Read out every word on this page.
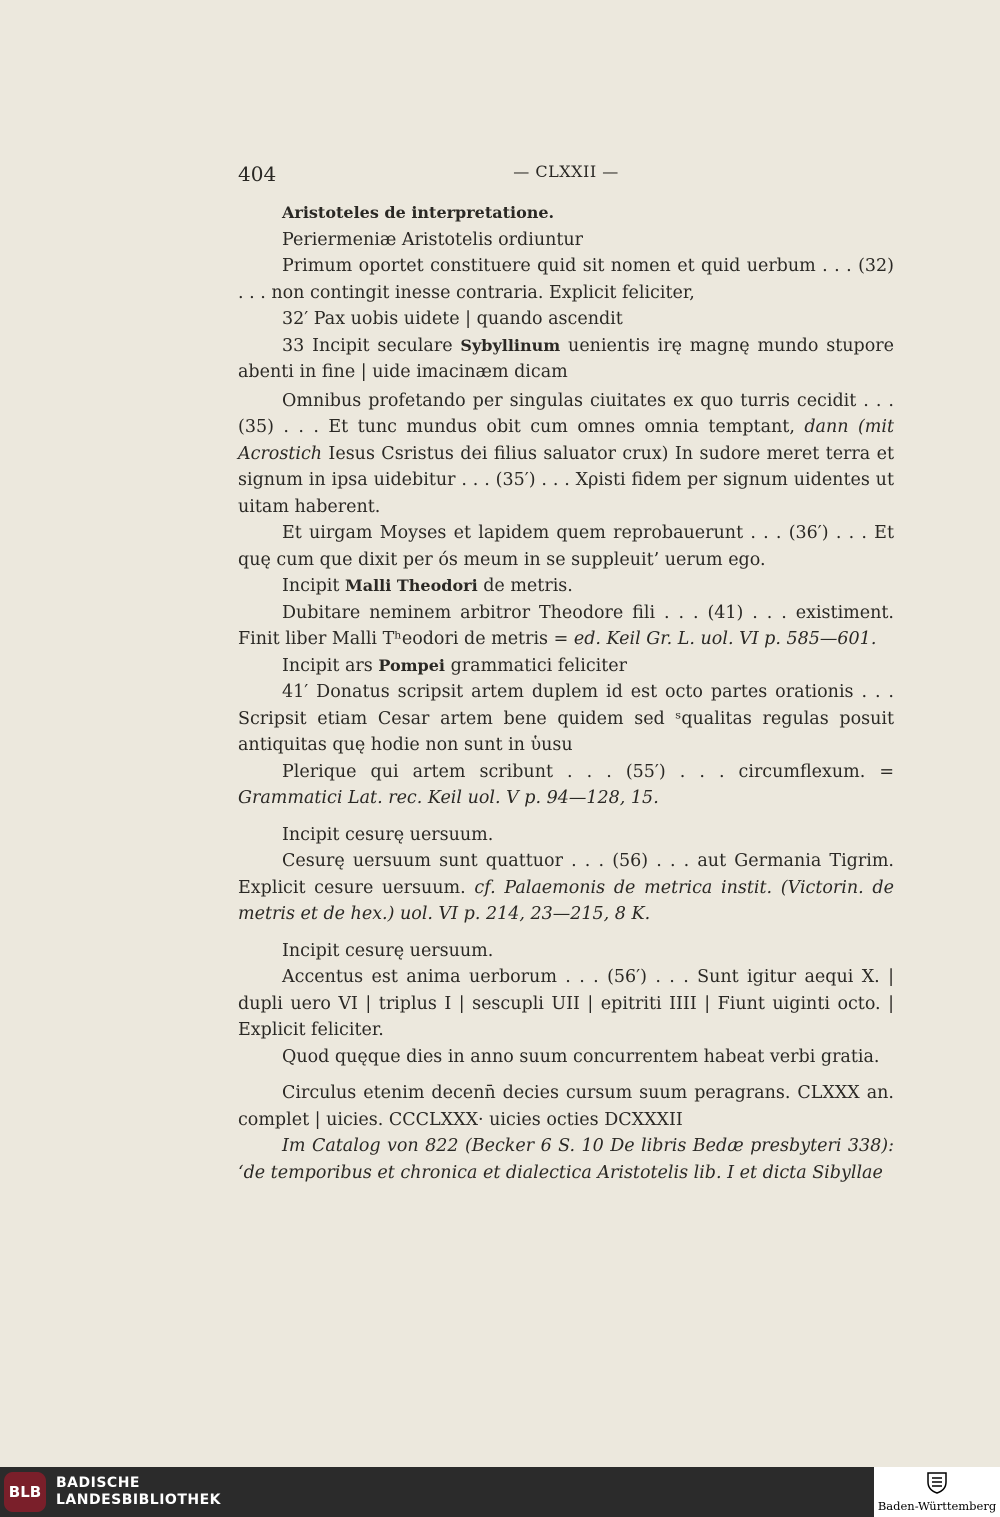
404	— CLXXII —

Aristoteles de interpretatione.

Periermeniæ Aristotelis ordiuntur

Primum oportet constituere quid sit nomen et quid uerbum . . . (32) . . . non contingit inesse contraria. Explicit feliciter,

32′ Pax uobis uidete | quando ascendit

33 Incipit seculare Sybyllinum uenientis irę magnę mundo stupore abenti in fine | uide imacinæm dicam

Omnibus profetando per singulas ciuitates ex quo turris cecidit . . . (35) . . . Et tunc mundus obit cum omnes omnia temptant, dann (mit Acrostich Iesus Csristus dei filius saluator crux) In sudore meret terra et signum in ipsa uidebitur . . . (35′) . . . Xρisti fidem per signum uidentes ut uitam haberent.

Et uirgam Moyses et lapidem quem reprobauerunt . . . (36′) . . . Et quę cum que dixit per ós meum in se suppleuit’ uerum ego.

Incipit Malli Theodori de metris.

Dubitare neminem arbitror Theodore fili . . . (41) . . . existiment. Finit liber Malli Tʰeodori de metris = ed. Keil Gr. L. uol. VI p. 585—601.

Incipit ars Pompei grammatici feliciter

41′ Donatus scripsit artem duplem id est octo partes orationis . . . Scripsit etiam Cesar artem bene quidem sed ˢqualitas regulas posuit antiquitas quę hodie non sunt in ὑusu

Plerique qui artem scribunt . . . (55′) . . . circumflexum. = Grammatici Lat. rec. Keil uol. V p. 94—128, 15.

Incipit cesurę uersuum.

Cesurę uersuum sunt quattuor . . . (56) . . . aut Germania Tigrim. Explicit cesure uersuum. cf. Palaemonis de metrica instit. (Victorin. de metris et de hex.) uol. VI p. 214, 23—215, 8 K.

Incipit cesurę uersuum.

Accentus est anima uerborum . . . (56′) . . . Sunt igitur aequi X. | dupli uero VI | triplus I | sescupli UII | epitriti IIII | Fiunt uiginti octo. | Explicit feliciter.

Quod quęque dies in anno suum concurrentem habeat verbi gratia.

Circulus etenim decenn̄ decies cursum suum peragrans. CLXXX an. complet | uicies. CCCLXXX· uicies octies DCXXXII

Im Catalog von 822 (Becker 6 S. 10 De libris Bedæ presbyteri 338): ‘de temporibus et chronica et dialectica Aristotelis lib. I et dicta Sibyllae

BLB	BADISCHE
LANDESBIBLIOTHEK	Baden-Württemberg
